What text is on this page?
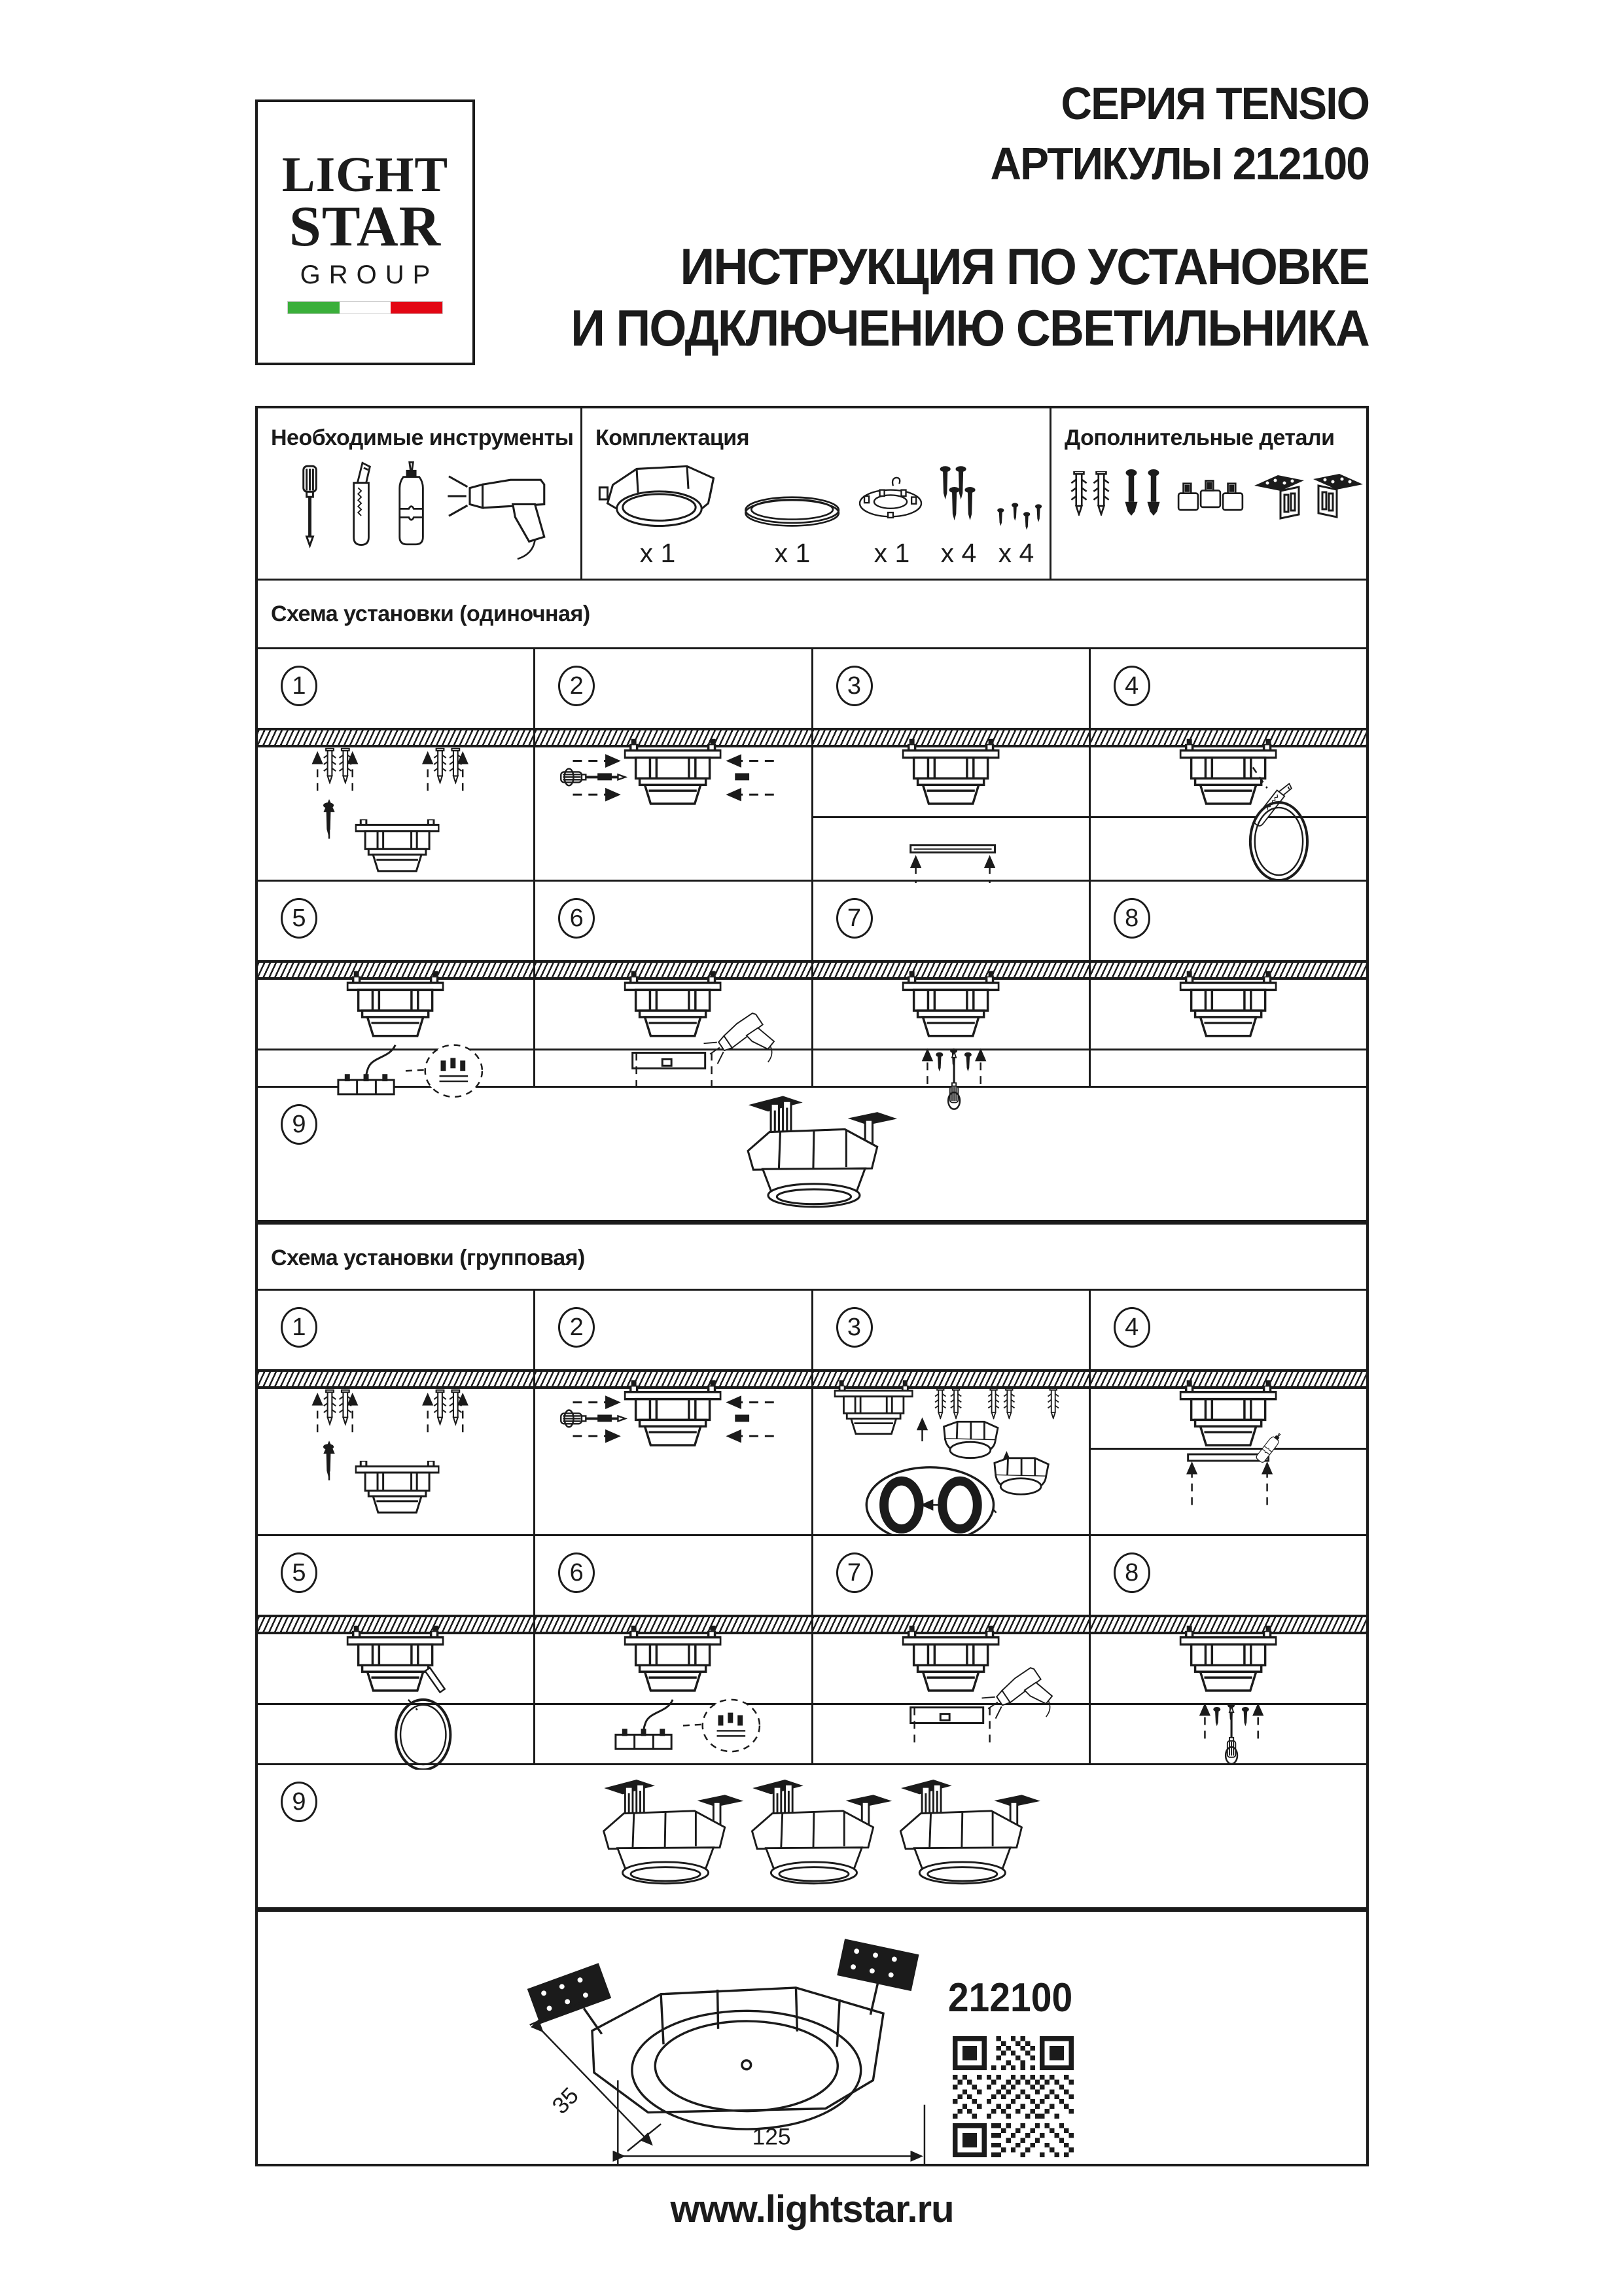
LIGHT
STAR
GROUP
СЕРИЯ TENSIO
АРТИКУЛЫ 212100
ИНСТРУКЦИЯ ПО УСТАНОВКЕ
И ПОДКЛЮЧЕНИЮ СВЕТИЛЬНИКА
Необходимые инструменты Комплектация
x 1	x 1	x 1	x 4 x 4
Дополнительные детали
Схема установки (одиночная)
1	2	3	4
5	6	7	8
9
Схема установки (групповая)
1	2	3	4
5	6	7	8
9
35
125
212100
www.lightstar.ru
